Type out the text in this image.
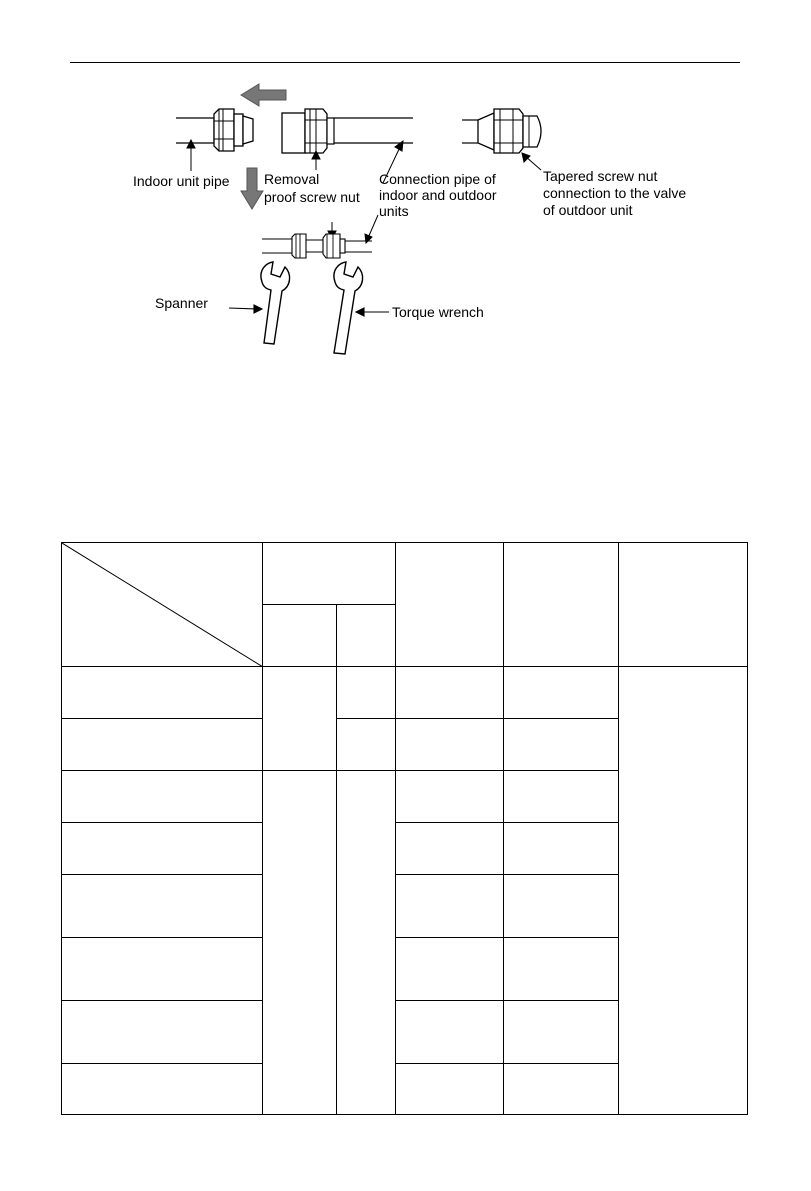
Indoor unit pipe Removal
proof screw nut
Connection pipe of
indoor and outdoor
units
Tapered screw nut
connection to the valve
of outdoor unit
Spanner
Torque wrench
